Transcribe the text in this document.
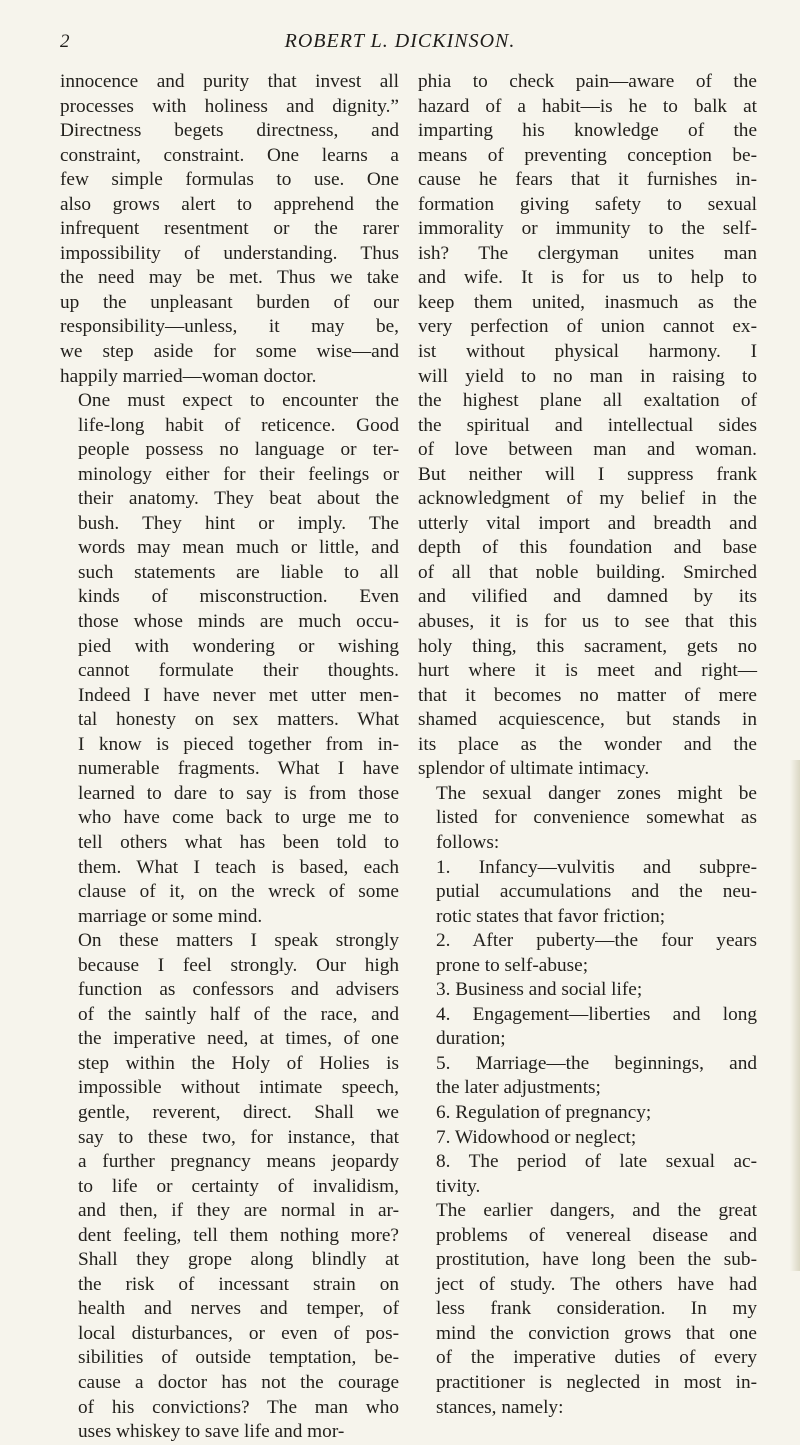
2	ROBERT L. DICKINSON.

innocence and purity that invest all
processes with holiness and dignity.”
Directness begets directness, and
constraint, constraint. One learns a
few simple formulas to use. One
also grows alert to apprehend the
infrequent resentment or the rarer
impossibility of understanding. Thus
the need may be met. Thus we take
up the unpleasant burden of our
responsibility—unless, it may be,
we step aside for some wise—and
happily married—woman doctor.

One must expect to encounter the
life-long habit of reticence. Good
people possess no language or ter-
minology either for their feelings or
their anatomy. They beat about the
bush. They hint or imply. The
words may mean much or little, and
such statements are liable to all
kinds of misconstruction. Even
those whose minds are much occu-
pied with wondering or wishing
cannot formulate their thoughts.
Indeed I have never met utter men-
tal honesty on sex matters. What
I know is pieced together from in-
numerable fragments. What I have
learned to dare to say is from those
who have come back to urge me to
tell others what has been told to
them. What I teach is based, each
clause of it, on the wreck of some
marriage or some mind.

On these matters I speak strongly
because I feel strongly. Our high
function as confessors and advisers
of the saintly half of the race, and
the imperative need, at times, of one
step within the Holy of Holies is
impossible without intimate speech,
gentle, reverent, direct. Shall we
say to these two, for instance, that
a further pregnancy means jeopardy
to life or certainty of invalidism,
and then, if they are normal in ar-
dent feeling, tell them nothing more?
Shall they grope along blindly at
the risk of incessant strain on
health and nerves and temper, of
local disturbances, or even of pos-
sibilities of outside temptation, be-
cause a doctor has not the courage
of his convictions? The man who
uses whiskey to save life and mor-

phia to check pain—aware of the
hazard of a habit—is he to balk at
imparting his knowledge of the
means of preventing conception be-
cause he fears that it furnishes in-
formation giving safety to sexual
immorality or immunity to the self-
ish? The clergyman unites man
and wife. It is for us to help to
keep them united, inasmuch as the
very perfection of union cannot ex-
ist without physical harmony. I
will yield to no man in raising to
the highest plane all exaltation of
the spiritual and intellectual sides
of love between man and woman.
But neither will I suppress frank
acknowledgment of my belief in the
utterly vital import and breadth and
depth of this foundation and base
of all that noble building. Smirched
and vilified and damned by its
abuses, it is for us to see that this
holy thing, this sacrament, gets no
hurt where it is meet and right—
that it becomes no matter of mere
shamed acquiescence, but stands in
its place as the wonder and the
splendor of ultimate intimacy.

The sexual danger zones might be
listed for convenience somewhat as
follows:

1. Infancy—vulvitis and subpre-
putial accumulations and the neu-
rotic states that favor friction;

2. After puberty—the four years
prone to self-abuse;

3. Business and social life;

4. Engagement—liberties and long
duration;

5. Marriage—the beginnings, and
the later adjustments;

6. Regulation of pregnancy;

7. Widowhood or neglect;

8. The period of late sexual ac-
tivity.

The earlier dangers, and the great
problems of venereal disease and
prostitution, have long been the sub-
ject of study. The others have had
less frank consideration. In my
mind the conviction grows that one
of the imperative duties of every
practitioner is neglected in most in-
stances, namely:
